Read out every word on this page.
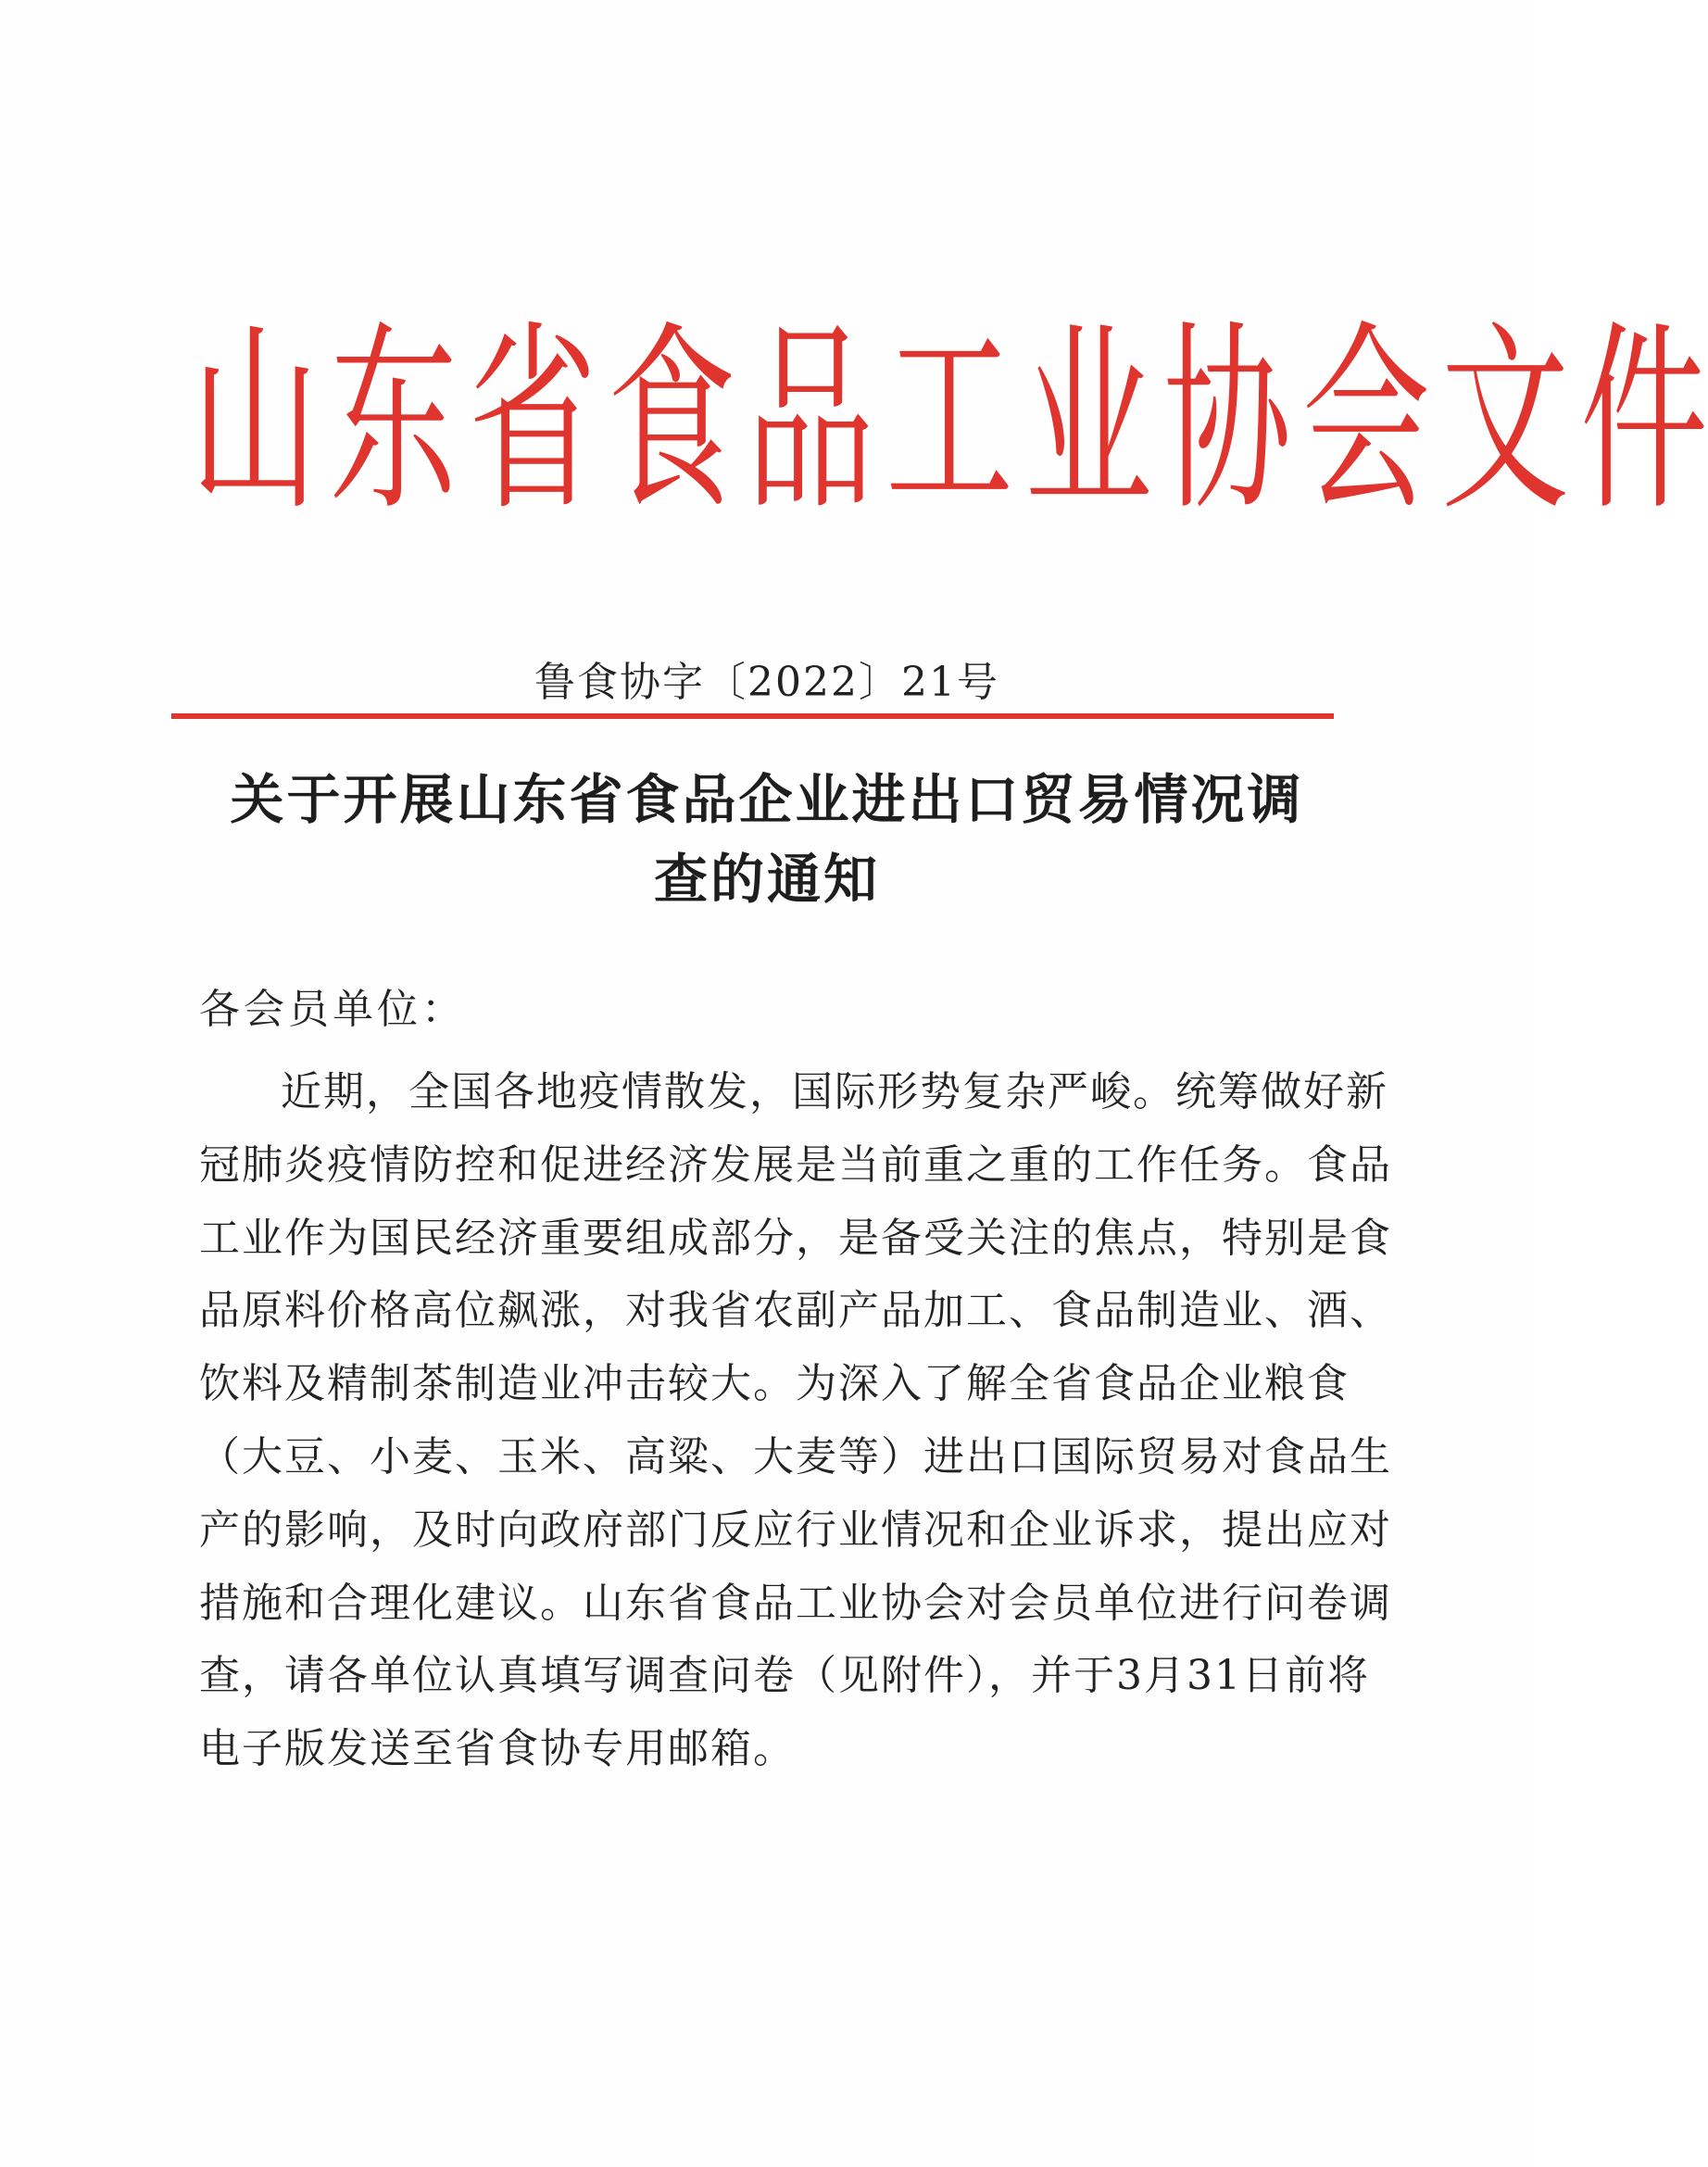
山 东 省 食 品 工 业 协 会 文 件
鲁食协字〔2022〕21号
关于开展山东省食品企业进出口贸易情况调
查的通知
各会员单位：
近期，全国各地疫情散发，国际形势复杂严峻。统筹做好新
冠肺炎疫情防控和促进经济发展是当前重之重的工作任务。食品
工业作为国民经济重要组成部分，是备受关注的焦点，特别是食
品原料价格高位飙涨，对我省农副产品加工、食品制造业、酒、
饮料及精制茶制造业冲击较大。为深入了解全省食品企业粮食
（大豆、小麦、玉米、高粱、大麦等）进出口国际贸易对食品生
产的影响，及时向政府部门反应行业情况和企业诉求，提出应对
措施和合理化建议。山东省食品工业协会对会员单位进行问卷调
查，请各单位认真填写调查问卷（见附件），并于3月31日前将
电子版发送至省食协专用邮箱。
